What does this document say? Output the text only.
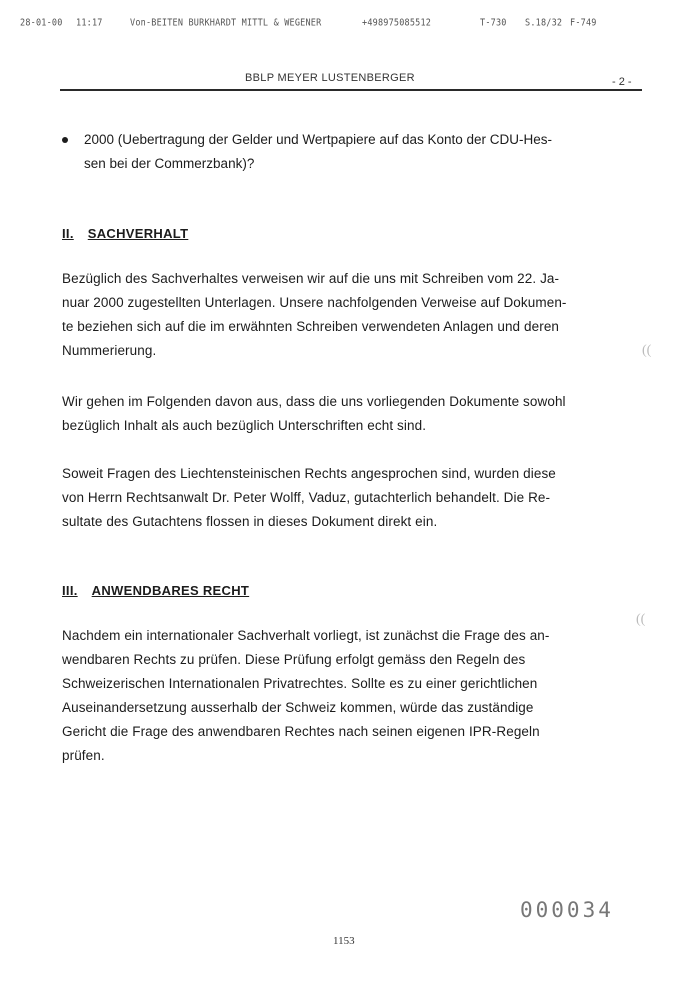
28-01-00 11:17	Von-BEITEN BURKHARDT MITTL & WEGENER	+498975085512	T-730 S.18/32 F-749
BBLP MEYER LUSTENBERGER	- 2 -
2000 (Uebertragung der Gelder und Wertpapiere auf das Konto der CDU-Hes-
sen bei der Commerzbank)?
II. SACHVERHALT
Bezüglich des Sachverhaltes verweisen wir auf die uns mit Schreiben vom 22. Ja-
nuar 2000 zugestellten Unterlagen. Unsere nachfolgenden Verweise auf Dokumen-
te beziehen sich auf die im erwähnten Schreiben verwendeten Anlagen und deren
Nummerierung.
Wir gehen im Folgenden davon aus, dass die uns vorliegenden Dokumente sowohl
bezüglich Inhalt als auch bezüglich Unterschriften echt sind.
Soweit Fragen des Liechtensteinischen Rechts angesprochen sind, wurden diese
von Herrn Rechtsanwalt Dr. Peter Wolff, Vaduz, gutachterlich behandelt. Die Re-
sultate des Gutachtens flossen in dieses Dokument direkt ein.
III. ANWENDBARES RECHT
Nachdem ein internationaler Sachverhalt vorliegt, ist zunächst die Frage des an-
wendbaren Rechts zu prüfen. Diese Prüfung erfolgt gemäss den Regeln des
Schweizerischen Internationalen Privatrechtes. Sollte es zu einer gerichtlichen
Auseinandersetzung ausserhalb der Schweiz kommen, würde das zuständige
Gericht die Frage des anwendbaren Rechtes nach seinen eigenen IPR-Regeln
prüfen.
((
((
000034
1153
